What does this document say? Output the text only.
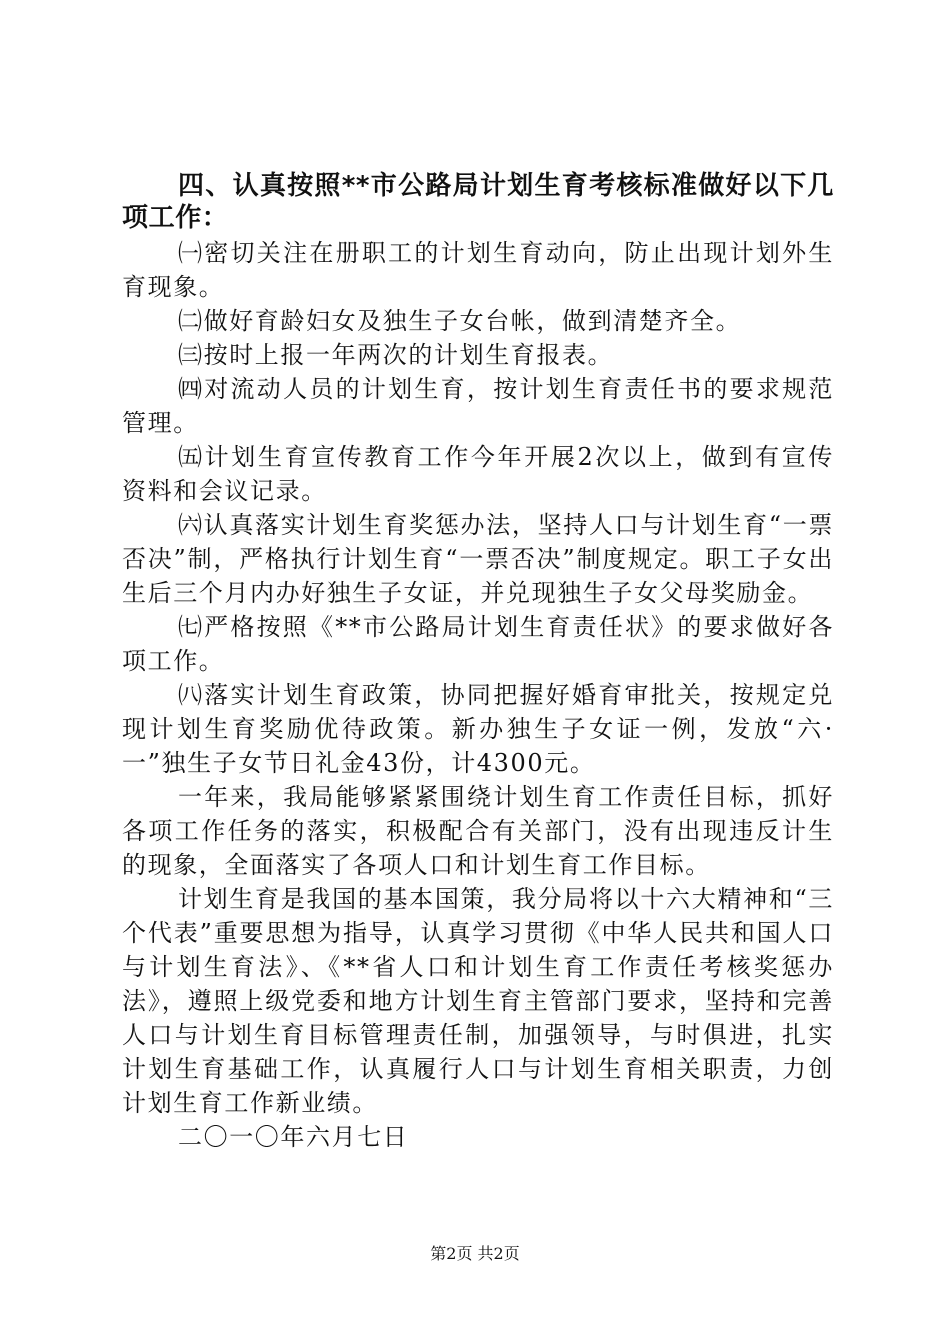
四、认真按照**市公路局计划生育考核标准做好以下几项工作：

㈠密切关注在册职工的计划生育动向，防止出现计划外生育现象。

㈡做好育龄妇女及独生子女台帐，做到清楚齐全。

㈢按时上报一年两次的计划生育报表。

㈣对流动人员的计划生育，按计划生育责任书的要求规范管理。

㈤计划生育宣传教育工作今年开展2次以上，做到有宣传资料和会议记录。

㈥认真落实计划生育奖惩办法，坚持人口与计划生育“一票否决”制，严格执行计划生育“一票否决”制度规定。职工子女出生后三个月内办好独生子女证，并兑现独生子女父母奖励金。

㈦严格按照《**市公路局计划生育责任状》的要求做好各项工作。

㈧落实计划生育政策，协同把握好婚育审批关，按规定兑现计划生育奖励优待政策。新办独生子女证一例，发放“六·一”独生子女节日礼金43份，计4300元。

一年来，我局能够紧紧围绕计划生育工作责任目标，抓好各项工作任务的落实，积极配合有关部门，没有出现违反计生的现象，全面落实了各项人口和计划生育工作目标。

计划生育是我国的基本国策，我分局将以十六大精神和“三个代表”重要思想为指导，认真学习贯彻《中华人民共和国人口与计划生育法》、《**省人口和计划生育工作责任考核奖惩办法》，遵照上级党委和地方计划生育主管部门要求，坚持和完善人口与计划生育目标管理责任制，加强领导，与时俱进，扎实计划生育基础工作，认真履行人口与计划生育相关职责，力创计划生育工作新业绩。

二〇一〇年六月七日

第2页 共2页
